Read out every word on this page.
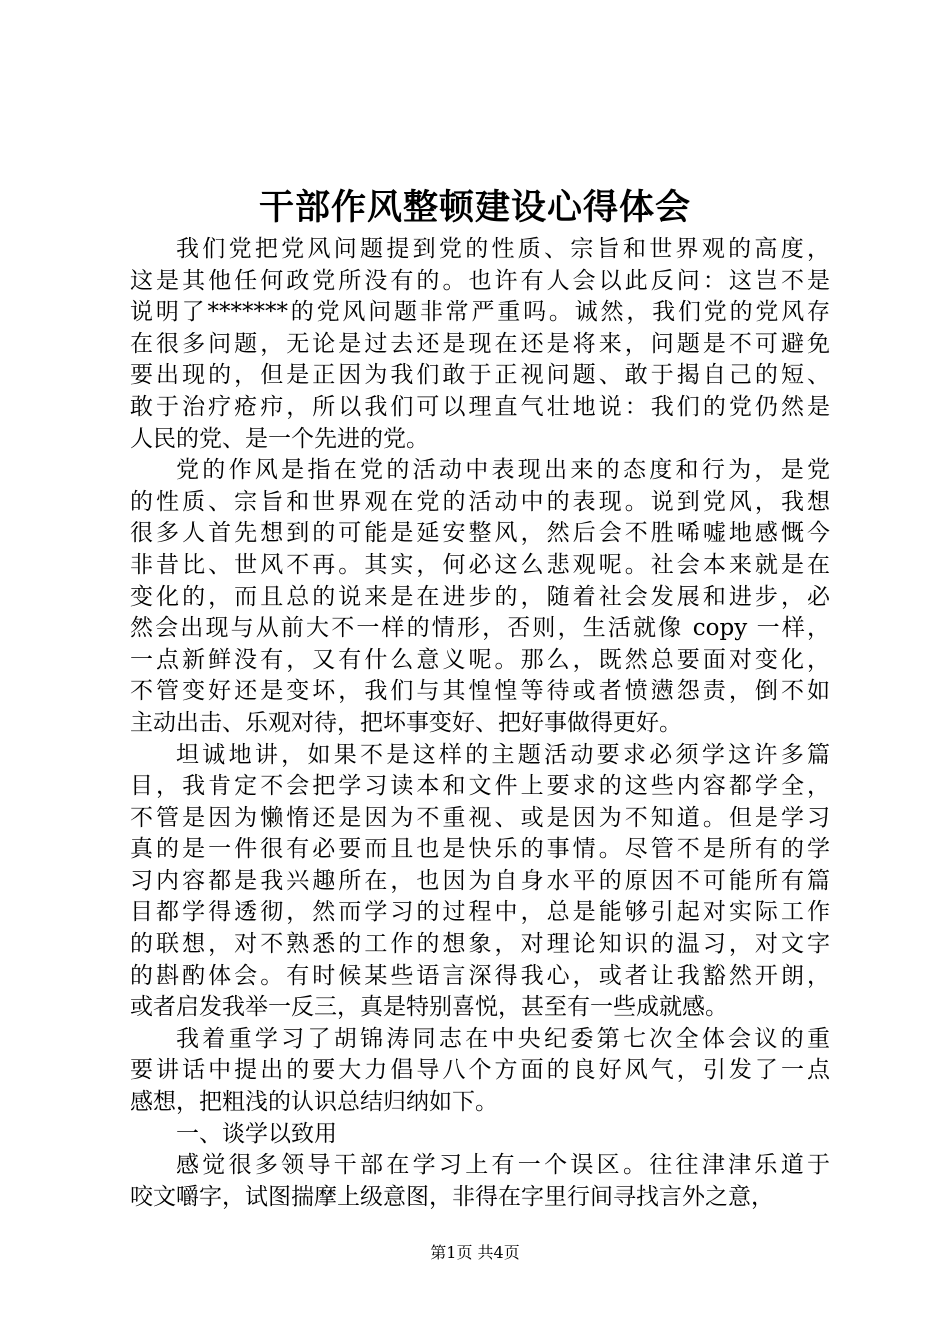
干部作风整顿建设心得体会
我们党把党风问题提到党的性质、宗旨和世界观的高度，
这是其他任何政党所没有的。也许有人会以此反问：这岂不是
说明了*******的党风问题非常严重吗。诚然，我们党的党风存
在很多问题，无论是过去还是现在还是将来，问题是不可避免
要出现的，但是正因为我们敢于正视问题、敢于揭自己的短、
敢于治疗疮疖，所以我们可以理直气壮地说：我们的党仍然是
人民的党、是一个先进的党。
党的作风是指在党的活动中表现出来的态度和行为，是党
的性质、宗旨和世界观在党的活动中的表现。说到党风，我想
很多人首先想到的可能是延安整风，然后会不胜唏嘘地感慨今
非昔比、世风不再。其实，何必这么悲观呢。社会本来就是在
变化的，而且总的说来是在进步的，随着社会发展和进步，必
然会出现与从前大不一样的情形，否则，生活就像 copy 一样，
一点新鲜没有，又有什么意义呢。那么，既然总要面对变化，
不管变好还是变坏，我们与其惶惶等待或者愤懑怨责，倒不如
主动出击、乐观对待，把坏事变好、把好事做得更好。
坦诚地讲，如果不是这样的主题活动要求必须学这许多篇
目，我肯定不会把学习读本和文件上要求的这些内容都学全，
不管是因为懒惰还是因为不重视、或是因为不知道。但是学习
真的是一件很有必要而且也是快乐的事情。尽管不是所有的学
习内容都是我兴趣所在，也因为自身水平的原因不可能所有篇
目都学得透彻，然而学习的过程中，总是能够引起对实际工作
的联想，对不熟悉的工作的想象，对理论知识的温习，对文字
的斟酌体会。有时候某些语言深得我心，或者让我豁然开朗，
或者启发我举一反三，真是特别喜悦，甚至有一些成就感。
我着重学习了胡锦涛同志在中央纪委第七次全体会议的重
要讲话中提出的要大力倡导八个方面的良好风气，引发了一点
感想，把粗浅的认识总结归纳如下。
一、谈学以致用
感觉很多领导干部在学习上有一个误区。往往津津乐道于
咬文嚼字，试图揣摩上级意图，非得在字里行间寻找言外之意，
第1页 共4页
